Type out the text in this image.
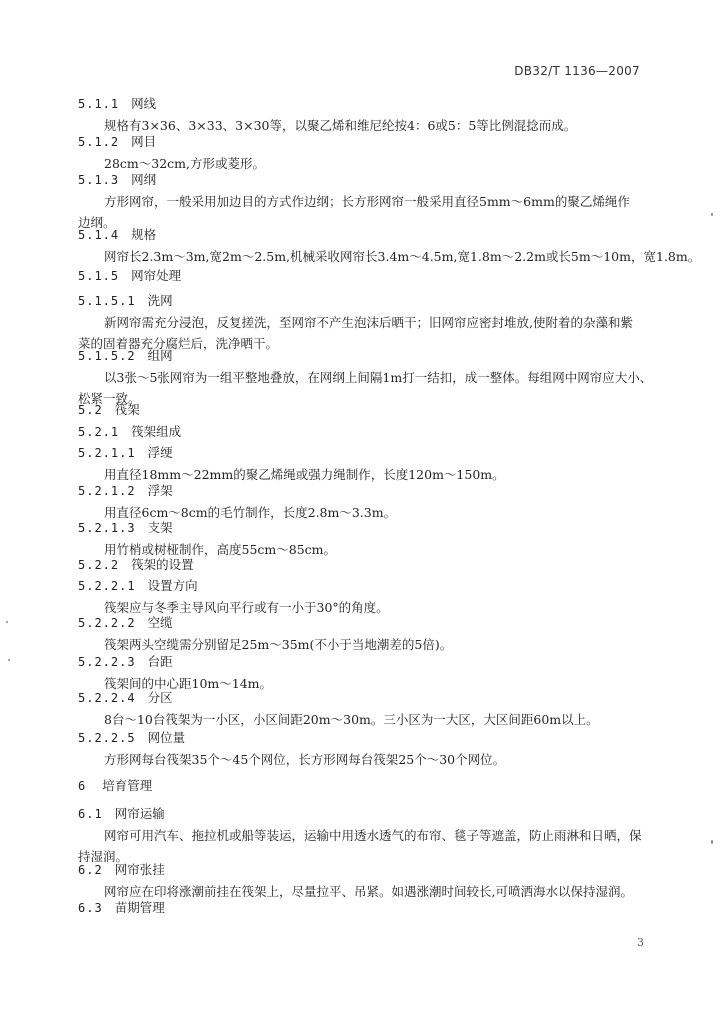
DB32/T 1136—2007
5.1.1 网线
规格有3×36、3×33、3×30等，以聚乙烯和维尼纶按4：6或5：5等比例混捻而成。
5.1.2 网目
28cm～32cm,方形或菱形。
5.1.3 网纲
方形网帘，一般采用加边目的方式作边纲；长方形网帘一般采用直径5mm～6mm的聚乙烯绳作
边纲。
5.1.4 规格
网帘长2.3m～3m,宽2m～2.5m,机械采收网帘长3.4m～4.5m,宽1.8m～2.2m或长5m～10m，宽1.8m。
5.1.5 网帘处理
5.1.5.1 洗网
新网帘需充分浸泡，反复搓洗，至网帘不产生泡沫后晒干；旧网帘应密封堆放,使附着的杂藻和紫
菜的固着器充分腐烂后，洗净晒干。
5.1.5.2 组网
以3张～5张网帘为一组平整地叠放，在网纲上间隔1m打一结扣，成一整体。每组网中网帘应大小、
松紧一致。
5.2 筏架
5.2.1 筏架组成
5.2.1.1 浮绠
用直径18mm～22mm的聚乙烯绳或强力绳制作，长度120m～150m。
5.2.1.2 浮架
用直径6cm～8cm的毛竹制作，长度2.8m～3.3m。
5.2.1.3 支架
用竹梢或树桠制作，高度55cm～85cm。
5.2.2 筏架的设置
5.2.2.1 设置方向
筏架应与冬季主导风向平行或有一小于30°的角度。
5.2.2.2 空缆
筏架两头空缆需分别留足25m～35m(不小于当地潮差的5倍)。
5.2.2.3 台距
筏架间的中心距10m～14m。
5.2.2.4 分区
8台～10台筏架为一小区，小区间距20m～30m。三小区为一大区，大区间距60m以上。
5.2.2.5 网位量
方形网每台筏架35个～45个网位，长方形网每台筏架25个～30个网位。
6 培育管理
6.1 网帘运输
网帘可用汽车、拖拉机或船等装运，运输中用透水透气的布帘、毯子等遮盖，防止雨淋和日晒，保
持湿润。
6.2 网帘张挂
网帘应在印将涨潮前挂在筏架上，尽量拉平、吊紧。如遇涨潮时间较长,可喷洒海水以保持湿润。
6.3 苗期管理
3
